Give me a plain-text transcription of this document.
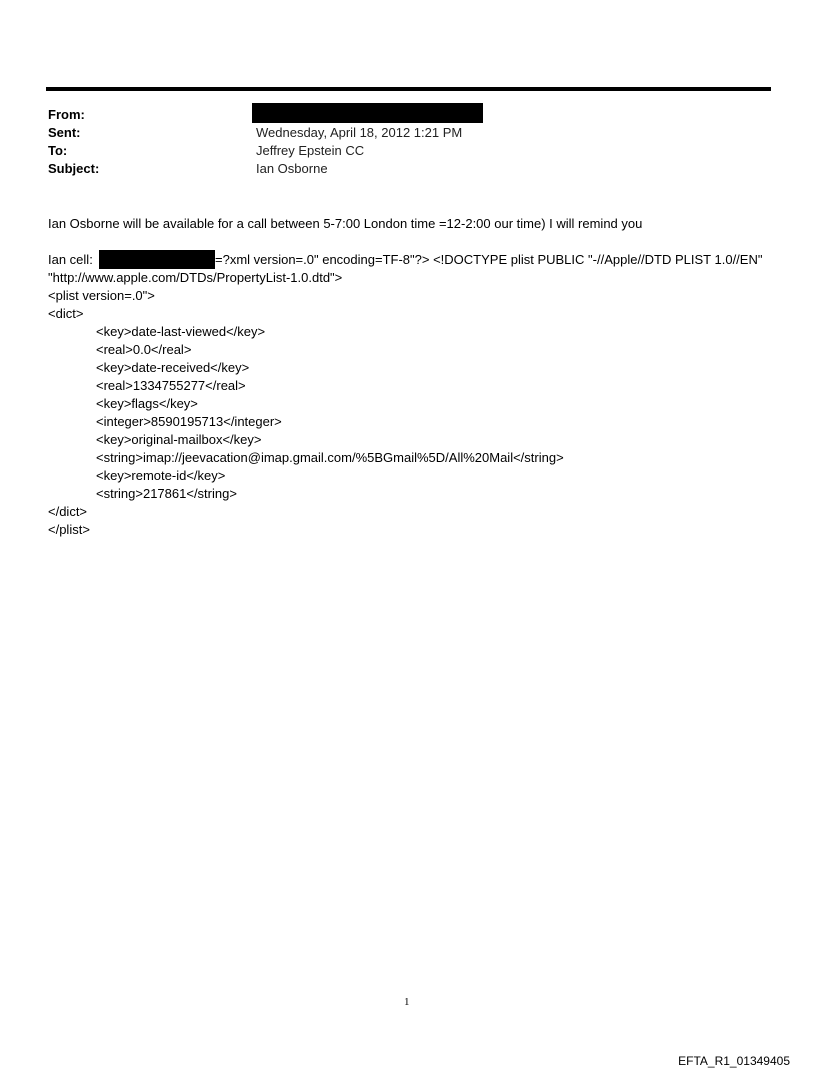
From:
Sent:	Wednesday, April 18, 2012 1:21 PM
To:	Jeffrey Epstein CC
Subject:	Ian Osborne
Ian Osborne will be available for a call between 5-7:00 London time =12-2:00 our time) I will remind you
Ian cell:	=?xml version=.0" encoding=TF-8"?> <!DOCTYPE plist PUBLIC "-//Apple//DTD PLIST 1.0//EN"
"http://www.apple.com/DTDs/PropertyList-1.0.dtd">
<plist version=.0">
<dict>
<key>date-last-viewed</key>
<real>0.0</real>
<key>date-received</key>
<real>1334755277</real>
<key>flags</key>
<integer>8590195713</integer>
<key>original-mailbox</key>
<string>imap://jeevacation@imap.gmail.com/%5BGmail%5D/All%20Mail</string>
<key>remote-id</key>
<string>217861</string>
</dict>
</plist>
1
EFTA_R1_01349405
